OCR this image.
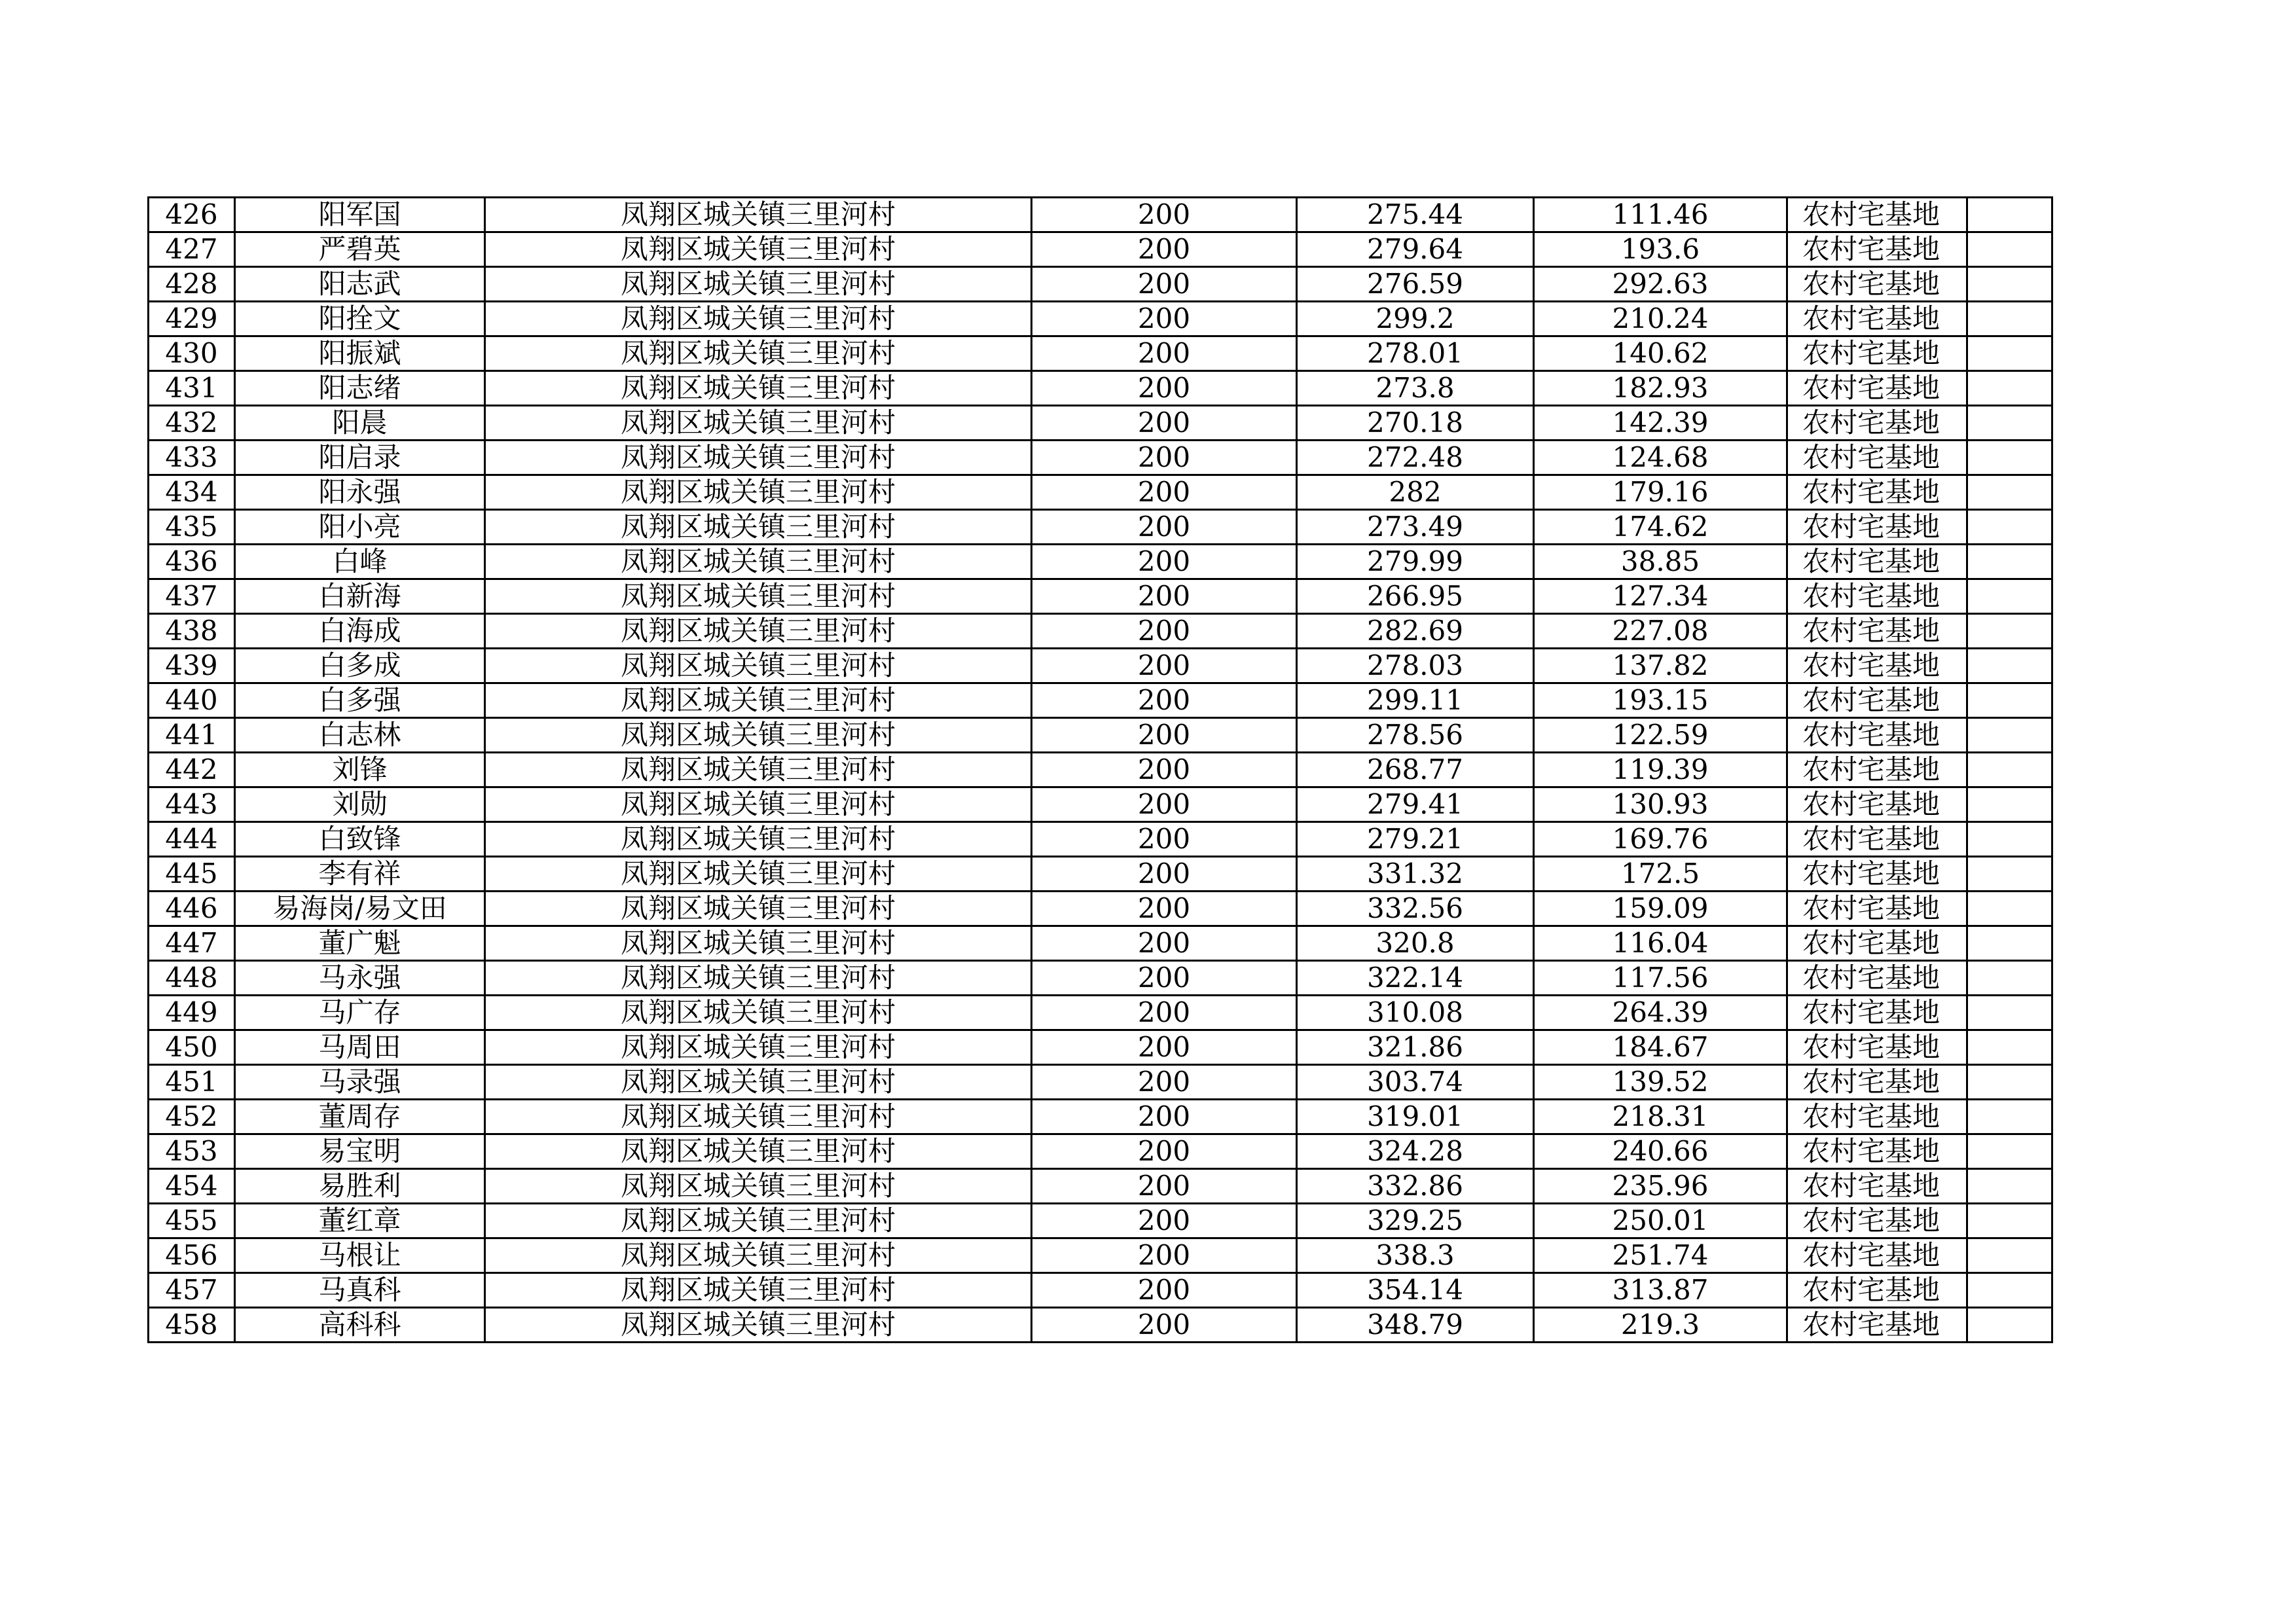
426	阳军国	凤翔区城关镇三里河村	200	275.44	111.46	农村宅基地	
427	严碧英	凤翔区城关镇三里河村	200	279.64	193.6	农村宅基地	
428	阳志武	凤翔区城关镇三里河村	200	276.59	292.63	农村宅基地	
429	阳拴文	凤翔区城关镇三里河村	200	299.2	210.24	农村宅基地	
430	阳振斌	凤翔区城关镇三里河村	200	278.01	140.62	农村宅基地	
431	阳志绪	凤翔区城关镇三里河村	200	273.8	182.93	农村宅基地	
432	阳晨	凤翔区城关镇三里河村	200	270.18	142.39	农村宅基地	
433	阳启录	凤翔区城关镇三里河村	200	272.48	124.68	农村宅基地	
434	阳永强	凤翔区城关镇三里河村	200	282	179.16	农村宅基地	
435	阳小亮	凤翔区城关镇三里河村	200	273.49	174.62	农村宅基地	
436	白峰	凤翔区城关镇三里河村	200	279.99	38.85	农村宅基地	
437	白新海	凤翔区城关镇三里河村	200	266.95	127.34	农村宅基地	
438	白海成	凤翔区城关镇三里河村	200	282.69	227.08	农村宅基地	
439	白多成	凤翔区城关镇三里河村	200	278.03	137.82	农村宅基地	
440	白多强	凤翔区城关镇三里河村	200	299.11	193.15	农村宅基地	
441	白志林	凤翔区城关镇三里河村	200	278.56	122.59	农村宅基地	
442	刘锋	凤翔区城关镇三里河村	200	268.77	119.39	农村宅基地	
443	刘勋	凤翔区城关镇三里河村	200	279.41	130.93	农村宅基地	
444	白致锋	凤翔区城关镇三里河村	200	279.21	169.76	农村宅基地	
445	李有祥	凤翔区城关镇三里河村	200	331.32	172.5	农村宅基地	
446	易海岗/易文田	凤翔区城关镇三里河村	200	332.56	159.09	农村宅基地	
447	董广魁	凤翔区城关镇三里河村	200	320.8	116.04	农村宅基地	
448	马永强	凤翔区城关镇三里河村	200	322.14	117.56	农村宅基地	
449	马广存	凤翔区城关镇三里河村	200	310.08	264.39	农村宅基地	
450	马周田	凤翔区城关镇三里河村	200	321.86	184.67	农村宅基地	
451	马录强	凤翔区城关镇三里河村	200	303.74	139.52	农村宅基地	
452	董周存	凤翔区城关镇三里河村	200	319.01	218.31	农村宅基地	
453	易宝明	凤翔区城关镇三里河村	200	324.28	240.66	农村宅基地	
454	易胜利	凤翔区城关镇三里河村	200	332.86	235.96	农村宅基地	
455	董红章	凤翔区城关镇三里河村	200	329.25	250.01	农村宅基地	
456	马根让	凤翔区城关镇三里河村	200	338.3	251.74	农村宅基地	
457	马真科	凤翔区城关镇三里河村	200	354.14	313.87	农村宅基地	
458	高科科	凤翔区城关镇三里河村	200	348.79	219.3	农村宅基地	
